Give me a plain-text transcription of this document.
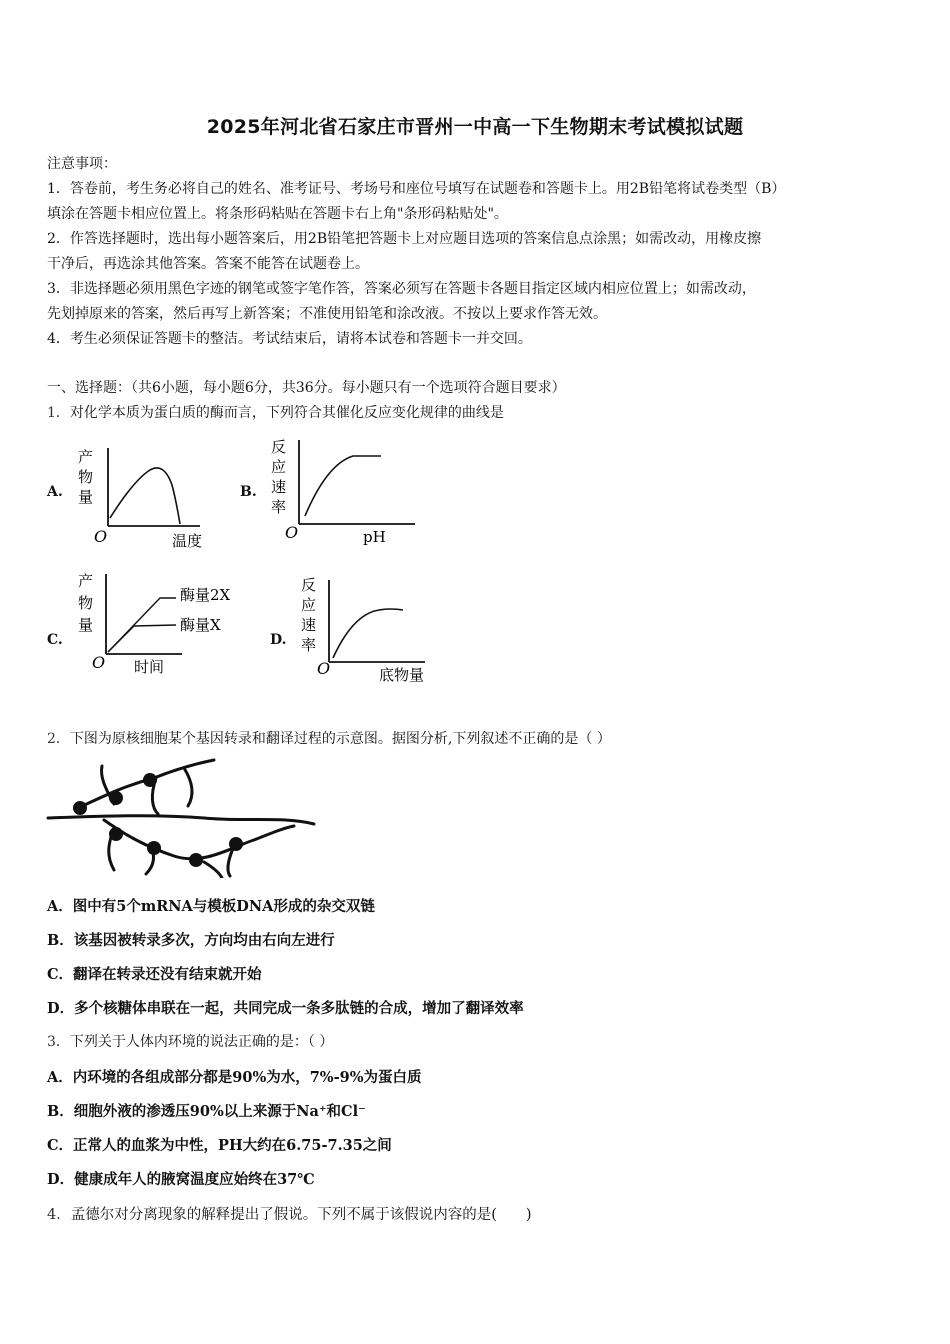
2025年河北省石家庄市晋州一中高一下生物期末考试模拟试题
注意事项：
1．答卷前，考生务必将自己的姓名、准考证号、考场号和座位号填写在试题卷和答题卡上。用2B铅笔将试卷类型（B）
填涂在答题卡相应位置上。将条形码粘贴在答题卡右上角"条形码粘贴处"。
2．作答选择题时，选出每小题答案后，用2B铅笔把答题卡上对应题目选项的答案信息点涂黑；如需改动，用橡皮擦
干净后，再选涂其他答案。答案不能答在试题卷上。
3．非选择题必须用黑色字迹的钢笔或签字笔作答，答案必须写在答题卡各题目指定区域内相应位置上；如需改动，
先划掉原来的答案，然后再写上新答案；不准使用铅笔和涂改液。不按以上要求作答无效。
4．考生必须保证答题卡的整洁。考试结束后，请将本试卷和答题卡一并交回。
一、选择题：（共6小题，每小题6分，共36分。每小题只有一个选项符合题目要求）
1．对化学本质为蛋白质的酶而言，下列符合其催化反应变化规律的曲线是
A.
产
物
量
O	温度
B.
反
应
速
率
O	pH
C.
产
物
量
酶量2X
酶量X
O 时间
D.
反
应
速
率
O	底物量
2．下图为原核细胞某个基因转录和翻译过程的示意图。据图分析,下列叙述不正确的是（ ）
A．图中有5个mRNA与模板DNA形成的杂交双链
B．该基因被转录多次，方向均由右向左进行
C．翻译在转录还没有结束就开始
D．多个核糖体串联在一起，共同完成一条多肽链的合成，增加了翻译效率
3．下列关于人体内环境的说法正确的是：（ ）
A．内环境的各组成部分都是90%为水，7%-9%为蛋白质
B．细胞外液的渗透压90%以上来源于Na⁺和Cl⁻
C．正常人的血浆为中性，PH大约在6.75-7.35之间
D．健康成年人的腋窝温度应始终在37℃
4．孟德尔对分离现象的解释提出了假说。下列不属于该假说内容的是(　　)
